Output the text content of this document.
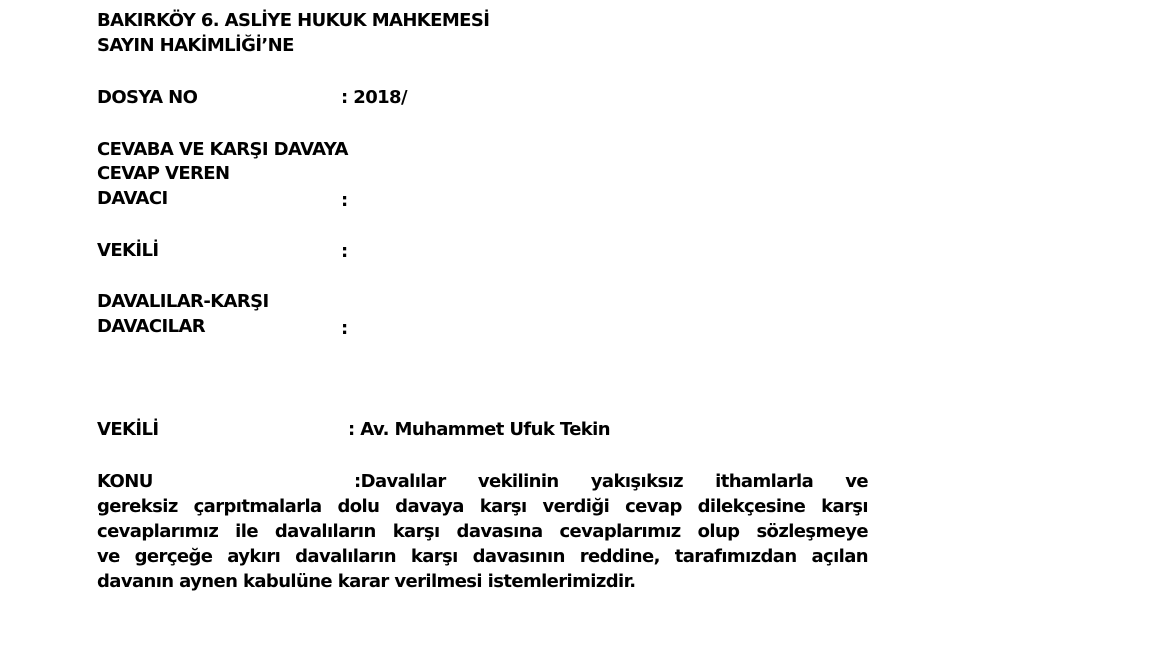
BAKIRKÖY 6. ASLİYE HUKUK MAHKEMESİ
SAYIN HAKİMLİĞİ’NE
DOSYA NO	: 2018/
CEVABA VE KARŞI DAVAYA
CEVAP VEREN
DAVACI	:
VEKİLİ	:
DAVALILAR-KARŞI
DAVACILAR	:
VEKİLİ	: Av. Muhammet Ufuk Tekin
KONU	:Davalılar vekilinin yakışıksız ithamlarla ve
gereksiz çarpıtmalarla dolu davaya karşı verdiği cevap dilekçesine karşı
cevaplarımız ile davalıların karşı davasına cevaplarımız olup sözleşmeye
ve gerçeğe aykırı davalıların karşı davasının reddine, tarafımızdan açılan
davanın aynen kabulüne karar verilmesi istemlerimizdir.
